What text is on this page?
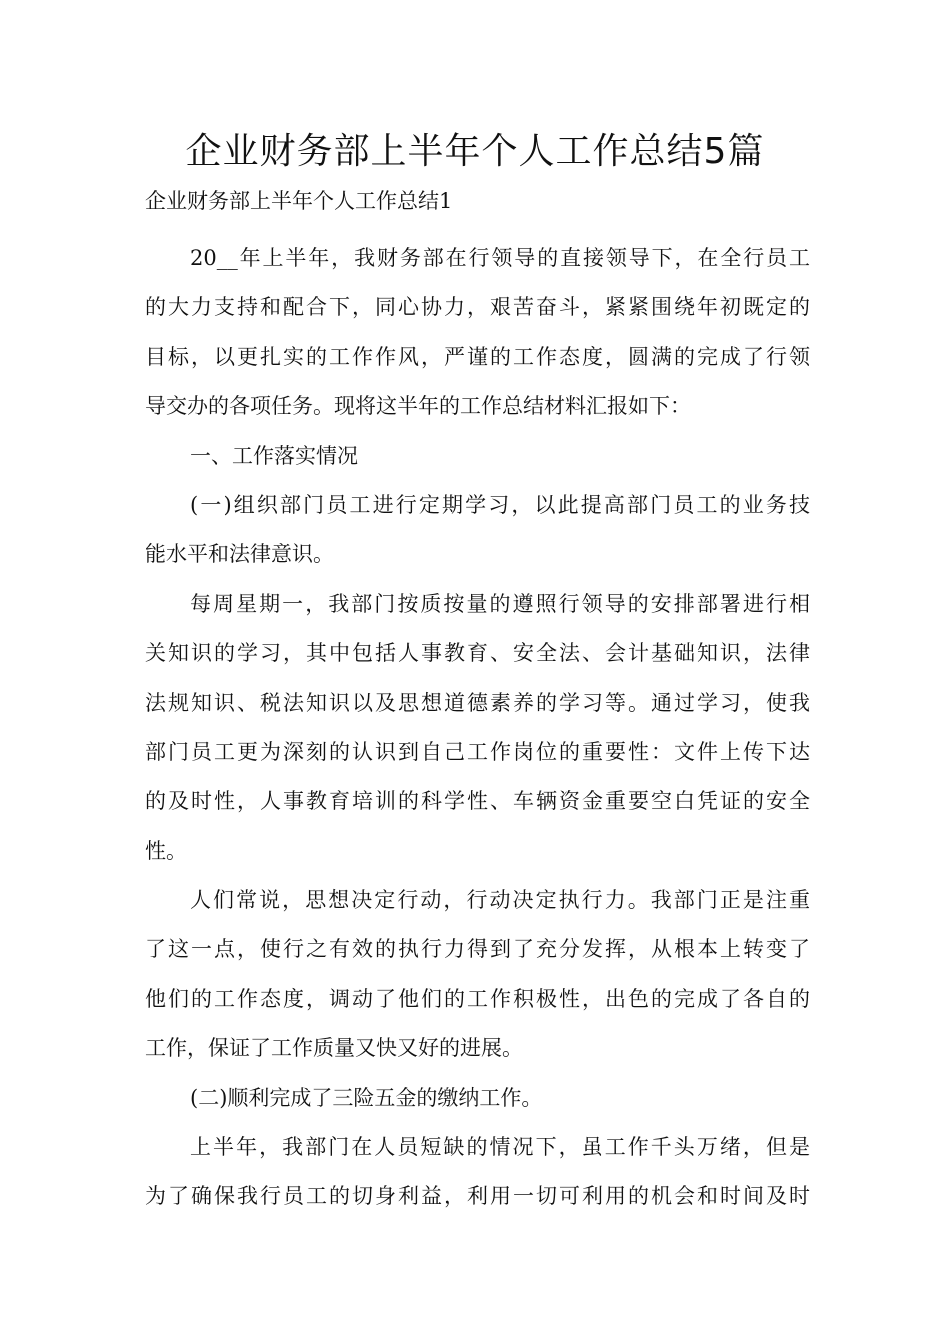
企业财务部上半年个人工作总结5篇
企业财务部上半年个人工作总结1
20__年上半年，我财务部在行领导的直接领导下，在全行员工
的大力支持和配合下，同心协力，艰苦奋斗，紧紧围绕年初既定的
目标，以更扎实的工作作风，严谨的工作态度，圆满的完成了行领
导交办的各项任务。现将这半年的工作总结材料汇报如下：
一、工作落实情况
(一)组织部门员工进行定期学习，以此提高部门员工的业务技
能水平和法律意识。
每周星期一，我部门按质按量的遵照行领导的安排部署进行相
关知识的学习，其中包括人事教育、安全法、会计基础知识，法律
法规知识、税法知识以及思想道德素养的学习等。通过学习，使我
部门员工更为深刻的认识到自己工作岗位的重要性：文件上传下达
的及时性，人事教育培训的科学性、车辆资金重要空白凭证的安全
性。
人们常说，思想决定行动，行动决定执行力。我部门正是注重
了这一点，使行之有效的执行力得到了充分发挥，从根本上转变了
他们的工作态度，调动了他们的工作积极性，出色的完成了各自的
工作，保证了工作质量又快又好的进展。
(二)顺利完成了三险五金的缴纳工作。
上半年，我部门在人员短缺的情况下，虽工作千头万绪，但是
为了确保我行员工的切身利益，利用一切可利用的机会和时间及时
